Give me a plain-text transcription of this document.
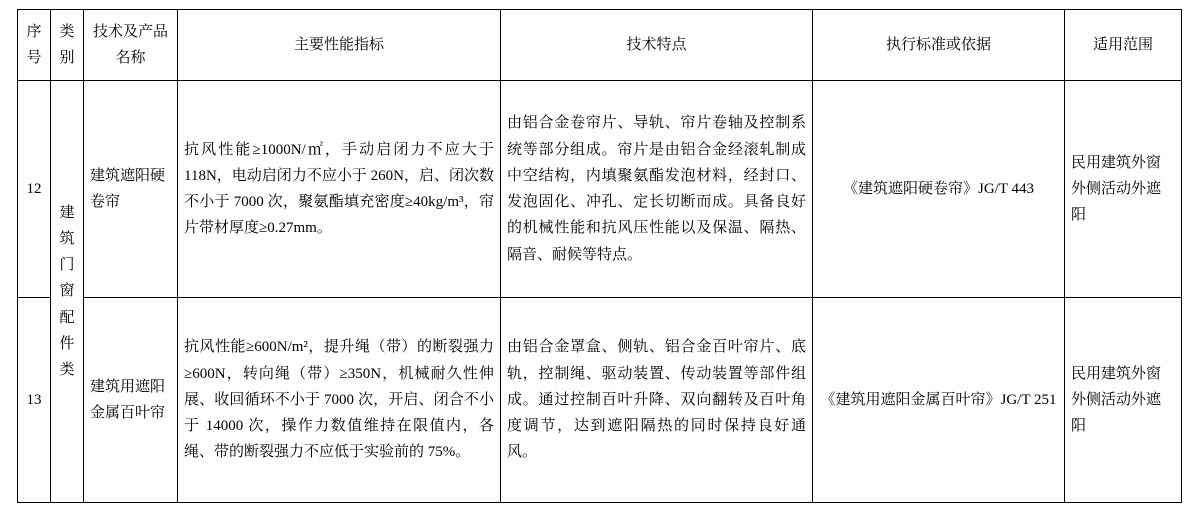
序号	类别	技术及产品名称	主要性能指标	技术特点	执行标准或依据	适用范围
12	建筑门窗配件类	建筑遮阳硬卷帘	抗风性能≥1000N/㎡，手动启闭力不应大于 118N，电动启闭力不应小于 260N，启、闭次数不小于 7000 次，聚氨酯填充密度≥40kg/m³，帘片带材厚度≥0.27mm。	由铝合金卷帘片、导轨、帘片卷轴及控制系统等部分组成。帘片是由铝合金经滚轧制成中空结构，内填聚氨酯发泡材料，经封口、发泡固化、冲孔、定长切断而成。具备良好的机械性能和抗风压性能以及保温、隔热、隔音、耐候等特点。	《建筑遮阳硬卷帘》JG/T 443	民用建筑外窗外侧活动外遮阳
13		建筑用遮阳金属百叶帘	抗风性能≥600N/m²，提升绳（带）的断裂强力≥600N，转向绳（带）≥350N，机械耐久性伸展、收回循环不小于 7000 次，开启、闭合不小于 14000 次，操作力数值维持在限值内，各绳、带的断裂强力不应低于实验前的 75%。	由铝合金罩盒、侧轨、铝合金百叶帘片、底轨，控制绳、驱动装置、传动装置等部件组成。通过控制百叶升降、双向翻转及百叶角度调节，达到遮阳隔热的同时保持良好通风。	《建筑用遮阳金属百叶帘》JG/T 251	民用建筑外窗外侧活动外遮阳
